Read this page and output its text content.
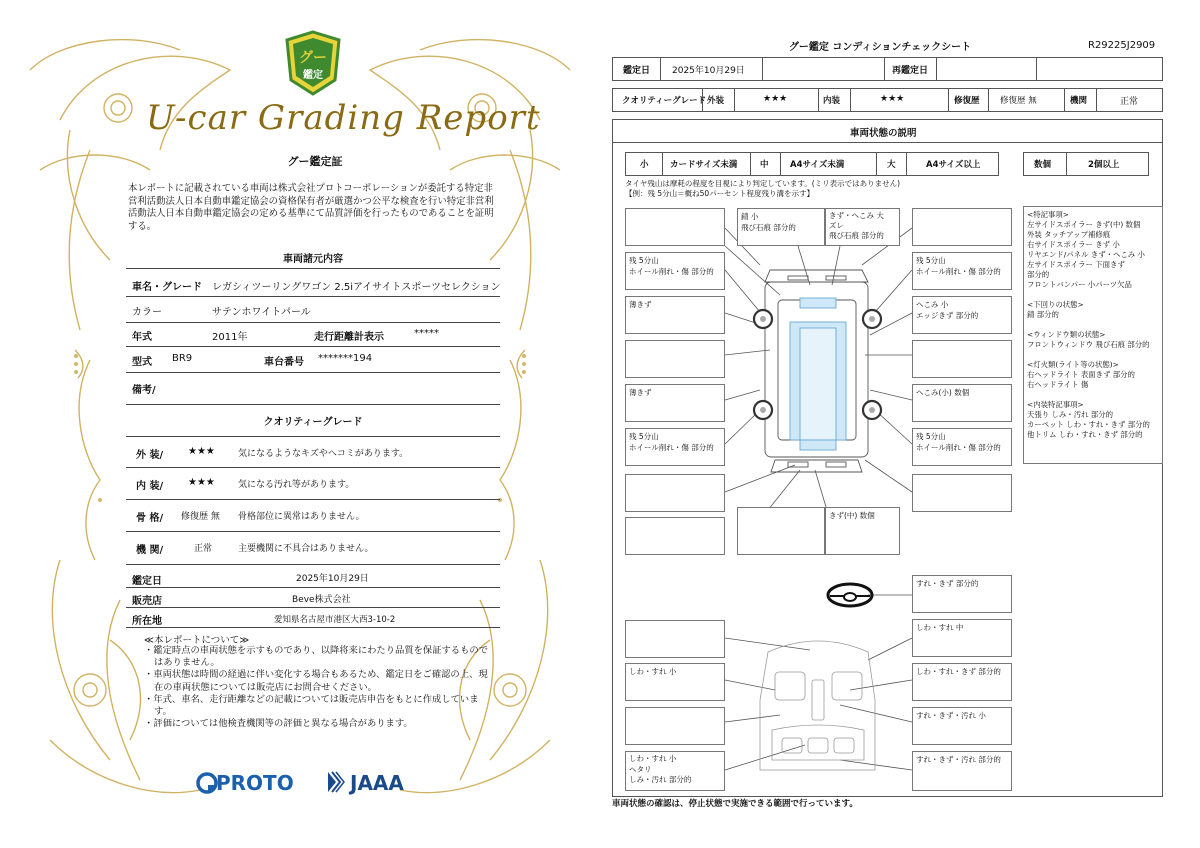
グー
鑑定
U-car Grading Report
グー鑑定証
本レポートに記載されている車両は株式会社プロトコーポレーションが委託する特定非営利活動法人日本自動車鑑定協会の資格保有者が厳選かつ公平な検査を行い特定非営利活動法人日本自動車鑑定協会の定める基準にて品質評価を行ったものであることを証明する。
車両諸元内容
車名・グレード レガシィツーリングワゴン 2.5iアイサイトスポーツセレクション
カラー	サテンホワイトパール
年式	2011年	走行距離計表示	*****
型式 BR9	車台番号 *******194
備考/
クオリティーグレード
外 装/ ★★★	気になるようなキズやヘコミがあります。
内 装/ ★★★	気になる汚れ等があります。
骨 格/ 修復歴 無 骨格部位に異常はありません。
機 関/	正常	主要機関に不具合はありません。
鑑定日	2025年10月29日
販売店	Beve株式会社
所在地	愛知県名古屋市港区大西3-10-2
≪本レポートについて≫
・鑑定時点の車両状態を示すものであり、以降将来にわたり品質を保証するものではありません。
・車両状態は時間の経過に伴い変化する場合もあるため、鑑定日をご確認の上、現在の車両状態については販売店にお問合せください。
・年式、車名、走行距離などの記載については販売店申告をもとに作成しています。
・評価については他検査機関等の評価と異なる場合があります。
PROTO	JAAA
グー鑑定 コンディションチェックシート	R29225J2909
鑑定日 2025年10月29日	再鑑定日
クオリティーグレード 外装	★★★	内装	★★★	修復歴 修復歴 無	機関	正常
車両状態の説明
小	カードサイズ未満	中	A4サイズ未満	大	A4サイズ以上	数個	2個以上
タイヤ残山は摩耗の程度を目視により判定しています。(ミリ表示ではありません)
【例：残 5分山＝概ね50パーセント程度残り溝を示す】
錆 小
飛び石痕 部分的
きず・へこみ 大
ズレ
飛び石痕 部分的
残 5分山
ホイール削れ・傷 部分的
残 5分山
ホイール削れ・傷 部分的
薄きず	へこみ 小
エッジきず 部分的
薄きず	へこみ(小) 数個
残 5分山
ホイール削れ・傷 部分的
残 5分山
ホイール削れ・傷 部分的
きず(中) 数個
すれ・きず 部分的
しわ・すれ 中
しわ・すれ 小	しわ・すれ・きず 部分的
すれ・きず・汚れ 小
しわ・すれ 小
ヘタリ
しみ・汚れ 部分的
すれ・きず・汚れ 部分的
<特記事項>
左サイドスポイラー きず(中) 数個
外装 タッチアップ補修痕
右サイドスポイラー きず 小
リヤエンド/パネル きず・へこみ 小
左サイドスポイラー 下面きず
部分的
フロントバンパー 小パーツ欠品
<下回りの状態>
錆 部分的
<ウィンドウ類の状態>
フロントウィンドウ 飛び石痕 部分的
<灯火類(ライト等の状態)>
右ヘッドライト 表面きず 部分的
右ヘッドライト 傷
<内装特記事項>
天張り しみ・汚れ 部分的
カーペット しわ・すれ・きず 部分的
他トリム しわ・すれ・きず 部分的
車両状態の確認は、停止状態で実施できる範囲で行っています。
